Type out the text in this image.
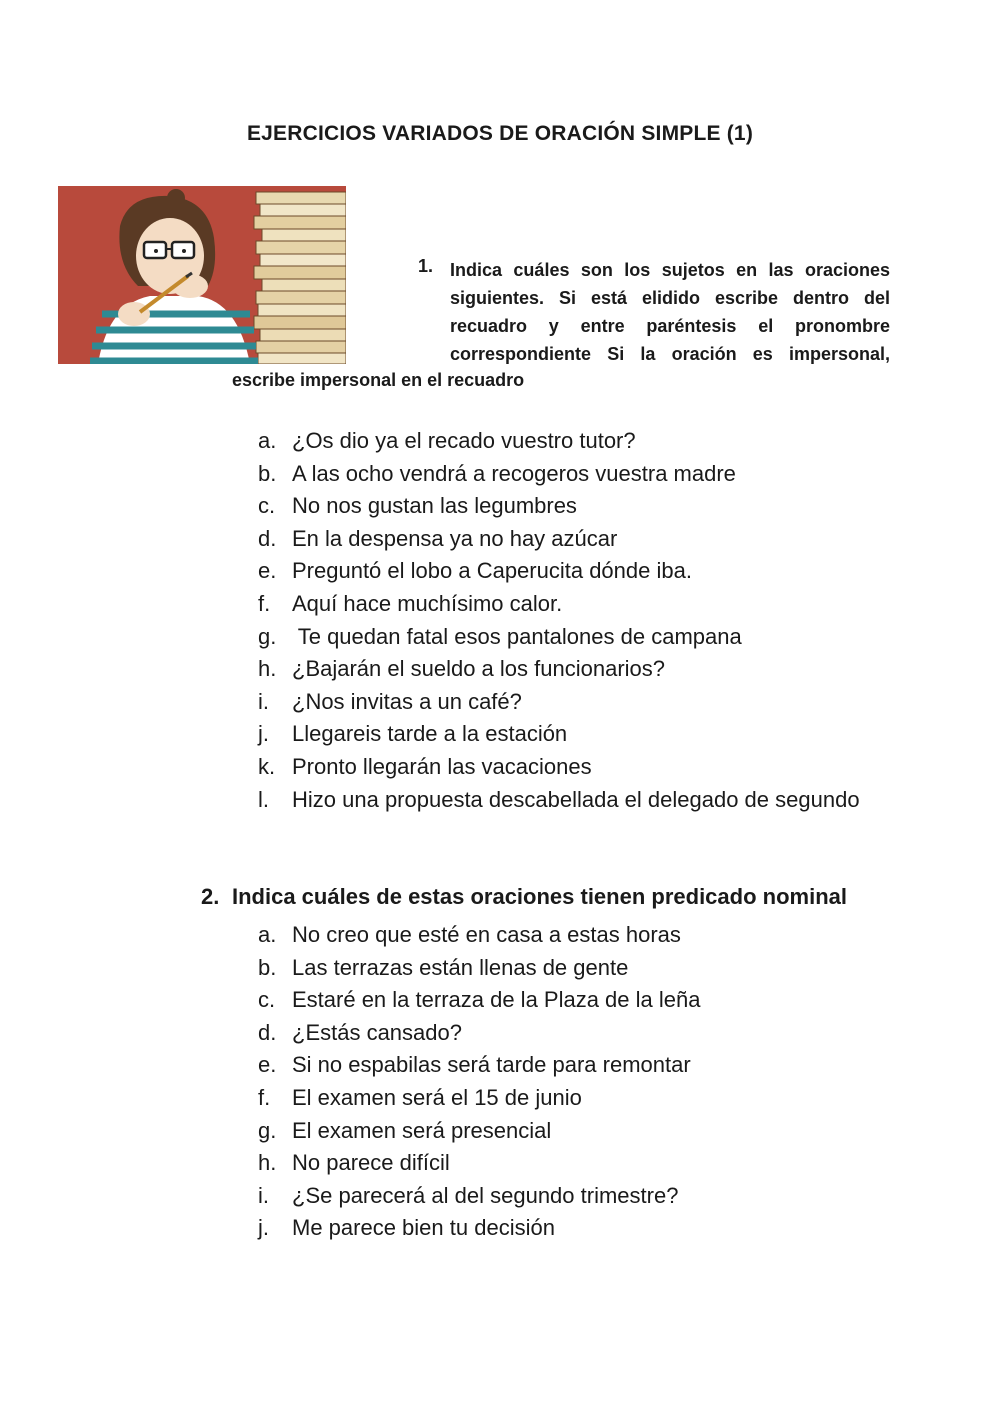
EJERCICIOS VARIADOS DE ORACIÓN SIMPLE (1)
1. Indica cuáles son los sujetos en las oraciones
siguientes. Si está elidido escribe dentro del
recuadro y entre paréntesis el pronombre
correspondiente Si la oración es impersonal,
escribe impersonal en el recuadro
a. ¿Os dio ya el recado vuestro tutor?
b. A las ocho vendrá a recogeros vuestra madre
c. No nos gustan las legumbres
d. En la despensa ya no hay azúcar
e. Preguntó el lobo a Caperucita dónde iba.
f. Aquí hace muchísimo calor.
g. Te quedan fatal esos pantalones de campana
h. ¿Bajarán el sueldo a los funcionarios?
i.	¿Nos invitas a un café?
j.	Llegareis tarde a la estación
k. Pronto llegarán las vacaciones
l.	Hizo una propuesta descabellada el delegado de segundo
2. Indica cuáles de estas oraciones tienen predicado nominal
a. No creo que esté en casa a estas horas
b. Las terrazas están llenas de gente
c. Estaré en la terraza de la Plaza de la leña
d. ¿Estás cansado?
e. Si no espabilas será tarde para remontar
f. El examen será el 15 de junio
g. El examen será presencial
h. No parece difícil
i.	¿Se parecerá al del segundo trimestre?
j.	Me parece bien tu decisión
